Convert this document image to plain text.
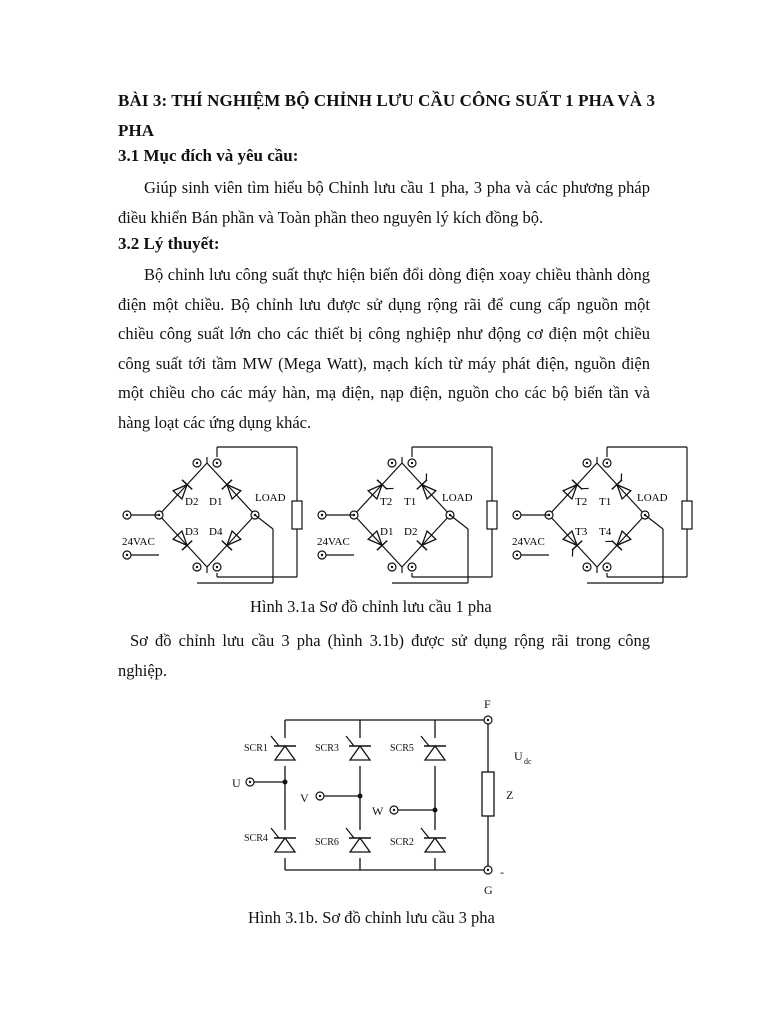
BÀI 3: THÍ NGHIỆM BỘ CHỈNH LƯU CẦU CÔNG SUẤT 1 PHA VÀ 3 PHA
3.1 Mục đích và yêu cầu:
Giúp sinh viên tìm hiểu bộ Chỉnh lưu cầu 1 pha, 3 pha và các phương pháp điều khiển Bán phần và Toàn phần theo nguyên lý kích đồng bộ.
3.2 Lý thuyết:
Bộ chỉnh lưu công suất thực hiện biến đổi dòng điện xoay chiều thành dòng điện một chiều. Bộ chỉnh lưu được sử dụng rộng rãi để cung cấp nguồn một chiều công suất lớn cho các thiết bị công nghiệp như động cơ điện một chiều công suất tới tầm MW (Mega Watt), mạch kích từ máy phát điện, nguồn điện một chiều cho các máy hàn, mạ điện, nạp điện, nguồn cho các bộ biến tần và hàng loạt các ứng dụng khác.
D2 D1
D3 D4
24VAC
LOAD	T2 T1
D1 D2
24VAC
LOAD	T2 T1
T3 T4
24VAC
LOAD
Hình 3.1a Sơ đồ chỉnh lưu cầu 1 pha
Sơ đồ chỉnh lưu cầu 3 pha (hình 3.1b) được sử dụng rộng rãi trong công nghiệp.
F
G
-
U
V
W
Z
U dc
SCR1	SCR3	SCR5
SCR4	SCR6	SCR2
Hình 3.1b. Sơ đồ chỉnh lưu cầu 3 pha
